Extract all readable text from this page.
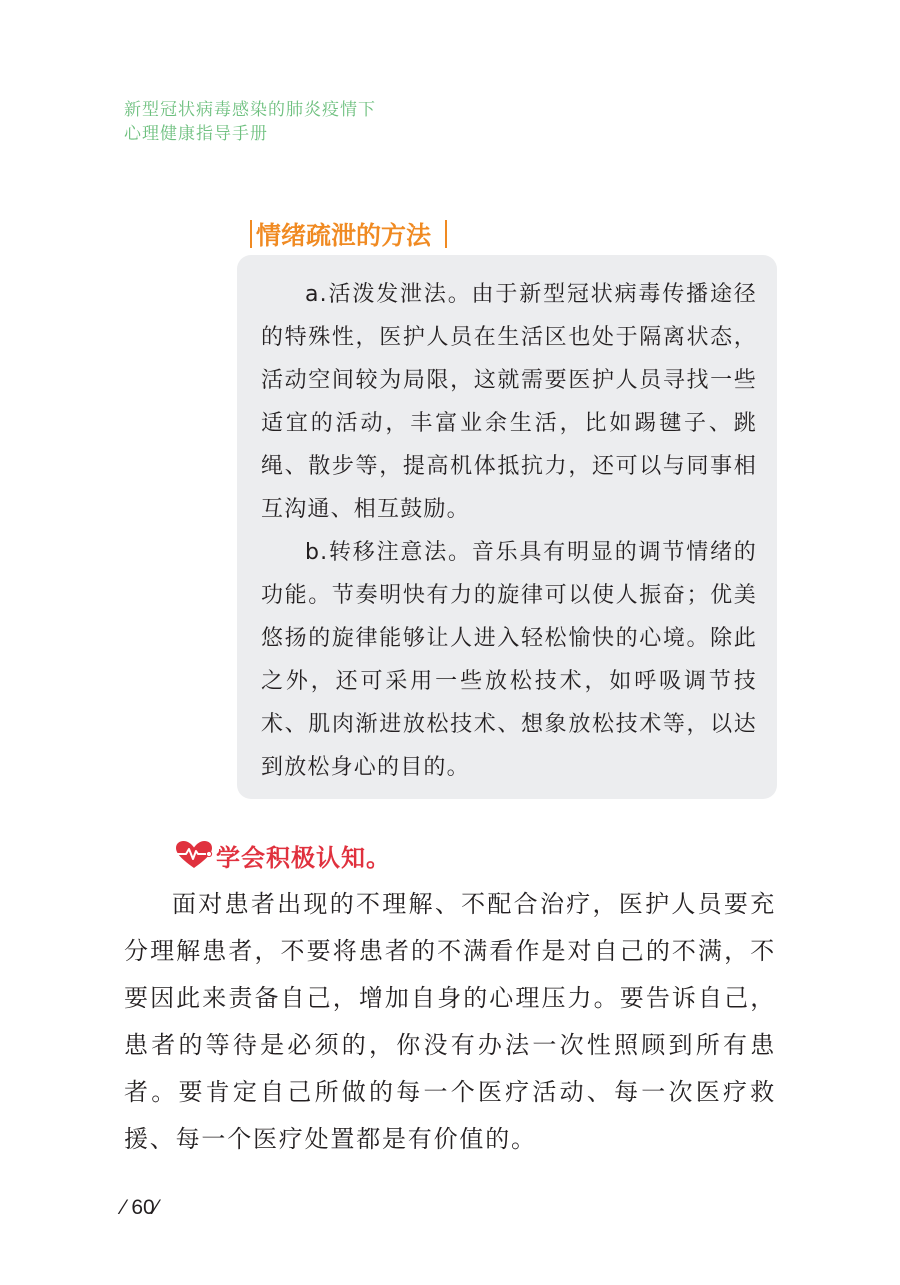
新型冠状病毒感染的肺炎疫情下
心理健康指导手册
情绪疏泄的方法

a.活泼发泄法。由于新型冠状病毒传播途径的特殊性，医护人员在生活区也处于隔离状态，活动空间较为局限，这就需要医护人员寻找一些适宜的活动，丰富业余生活，比如踢毽子、跳绳、散步等，提高机体抵抗力，还可以与同事相互沟通、相互鼓励。

b.转移注意法。音乐具有明显的调节情绪的功能。节奏明快有力的旋律可以使人振奋；优美悠扬的旋律能够让人进入轻松愉快的心境。除此之外，还可采用一些放松技术，如呼吸调节技术、肌肉渐进放松技术、想象放松技术等，以达到放松身心的目的。

学会积极认知。

面对患者出现的不理解、不配合治疗，医护人员要充分理解患者，不要将患者的不满看作是对自己的不满，不要因此来责备自己，增加自身的心理压力。要告诉自己，患者的等待是必须的，你没有办法一次性照顾到所有患者。要肯定自己所做的每一个医疗活动、每一次医疗救援、每一个医疗处置都是有价值的。

⁄ 60⁄
